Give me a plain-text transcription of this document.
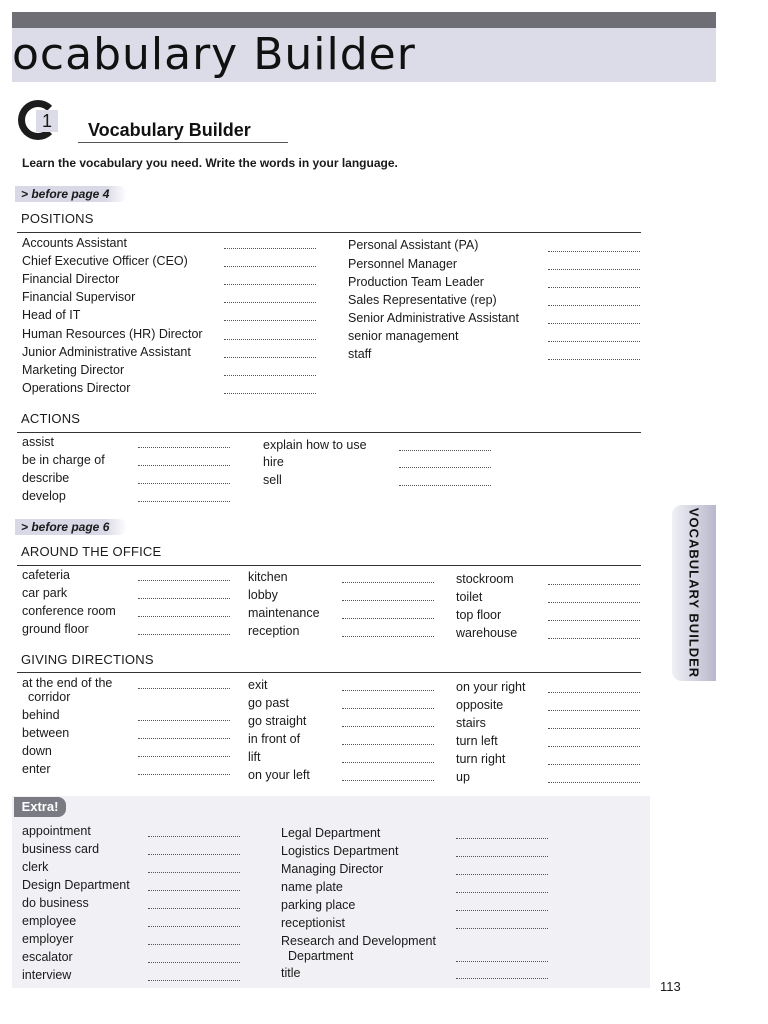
ocabulary Builder
1	Vocabulary Builder
Learn the vocabulary you need. Write the words in your language.
> before page 4
POSITIONS
Accounts Assistant
Chief Executive Officer (CEO)
Financial Director
Financial Supervisor
Head of IT
Human Resources (HR) Director
Junior Administrative Assistant
Marketing Director
Operations Director
Personal Assistant (PA)
Personnel Manager
Production Team Leader
Sales Representative (rep)
Senior Administrative Assistant
senior management
staff
ACTIONS
assist
be in charge of
describe
develop
explain how to use
hire
sell
> before page 6
AROUND THE OFFICE
cafeteria
car park
conference room
ground floor
kitchen
lobby
maintenance
reception
stockroom
toilet
top floor
warehouse
GIVING DIRECTIONS
at the end of the
corridor
behind
between
down
enter
exit
go past
go straight
in front of
lift
on your left
on your right
opposite
stairs
turn left
turn right
up
VOCABULARY BUILDER
Extra!
appointment
business card
clerk
Design Department
do business
employee
employer
escalator
interview
Legal Department
Logistics Department
Managing Director
name plate
parking place
receptionist
Research and Development
Department
title
113
